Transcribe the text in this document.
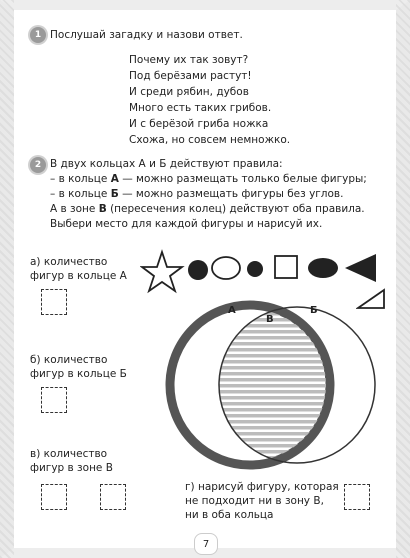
1 Послушай загадку и назови ответ.
Почему их так зовут?
Под берёзами растут!
И среди рябин, дубов
Много есть таких грибов.
И с берёзой гриба ножка
Схожа, но совсем немножко.
2 В двух кольцах А и Б действуют правила:
– в кольце А — можно размещать только белые фигуры;
– в кольце Б — можно размещать фигуры без углов.
А в зоне В (пересечения колец) действуют оба правила.
Выбери место для каждой фигуры и нарисуй их.
а) количество
фигур в кольце А
б) количество
фигур в кольце Б
в) количество
фигур в зоне В
г) нарисуй фигуру, которая
не подходит ни в зону В,
ни в оба кольца
А
В
Б
7
